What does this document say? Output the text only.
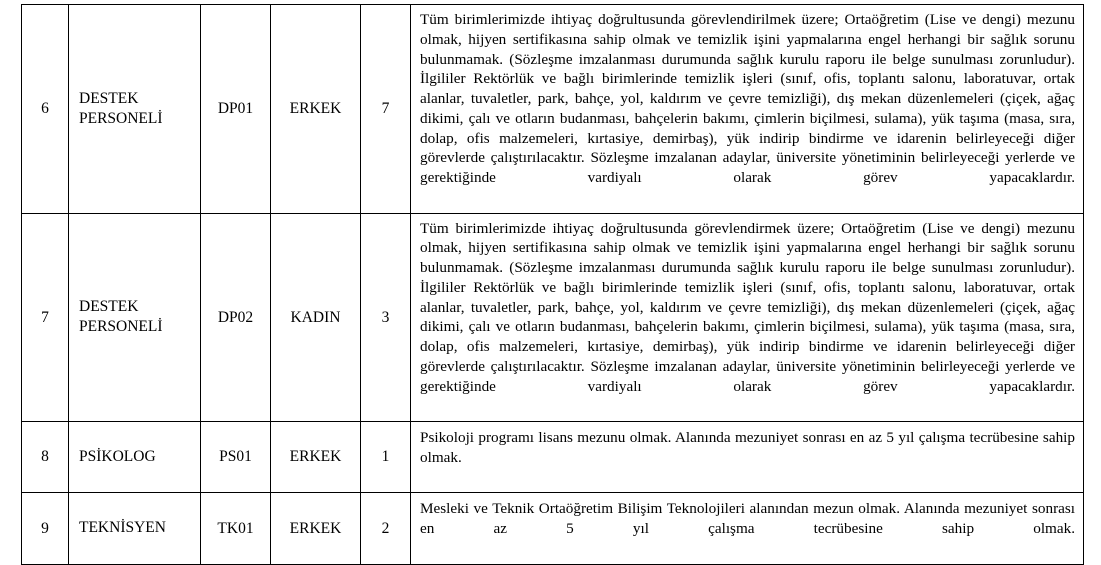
6	DESTEK PERSONELİ	DP01	ERKEK	7	Tüm birimlerimizde ihtiyaç doğrultusunda görevlendirilmek üzere; Ortaöğretim (Lise ve dengi) mezunu olmak, hijyen sertifikasına sahip olmak ve temizlik işini yapmalarına engel herhangi bir sağlık sorunu bulunmamak. (Sözleşme imzalanması durumunda sağlık kurulu raporu ile belge sunulması zorunludur). İlgililer Rektörlük ve bağlı birimlerinde temizlik işleri (sınıf, ofis, toplantı salonu, laboratuvar, ortak alanlar, tuvaletler, park, bahçe, yol, kaldırım ve çevre temizliği), dış mekan düzenlemeleri (çiçek, ağaç dikimi, çalı ve otların budanması, bahçelerin bakımı, çimlerin biçilmesi, sulama), yük taşıma (masa, sıra, dolap, ofis malzemeleri, kırtasiye, demirbaş), yük indirip bindirme ve idarenin belirleyeceği diğer görevlerde çalıştırılacaktır. Sözleşme imzalanan adaylar, üniversite yönetiminin belirleyeceği yerlerde ve gerektiğinde vardiyalı olarak görev yapacaklardır.

7	DESTEK PERSONELİ	DP02	KADIN	3	Tüm birimlerimizde ihtiyaç doğrultusunda görevlendirmek üzere; Ortaöğretim (Lise ve dengi) mezunu olmak, hijyen sertifikasına sahip olmak ve temizlik işini yapmalarına engel herhangi bir sağlık sorunu bulunmamak. (Sözleşme imzalanması durumunda sağlık kurulu raporu ile belge sunulması zorunludur). İlgililer Rektörlük ve bağlı birimlerinde temizlik işleri (sınıf, ofis, toplantı salonu, laboratuvar, ortak alanlar, tuvaletler, park, bahçe, yol, kaldırım ve çevre temizliği), dış mekan düzenlemeleri (çiçek, ağaç dikimi, çalı ve otların budanması, bahçelerin bakımı, çimlerin biçilmesi, sulama), yük taşıma (masa, sıra, dolap, ofis malzemeleri, kırtasiye, demirbaş), yük indirip bindirme ve idarenin belirleyeceği diğer görevlerde çalıştırılacaktır. Sözleşme imzalanan adaylar, üniversite yönetiminin belirleyeceği yerlerde ve gerektiğinde vardiyalı olarak görev yapacaklardır.

8	PSİKOLOG	PS01	ERKEK	1	Psikoloji programı lisans mezunu olmak. Alanında mezuniyet sonrası en az 5 yıl çalışma tecrübesine sahip olmak.

9	TEKNİSYEN	TK01	ERKEK	2	Mesleki ve Teknik Ortaöğretim Bilişim Teknolojileri alanından mezun olmak. Alanında mezuniyet sonrası en az 5 yıl çalışma tecrübesine sahip olmak.
